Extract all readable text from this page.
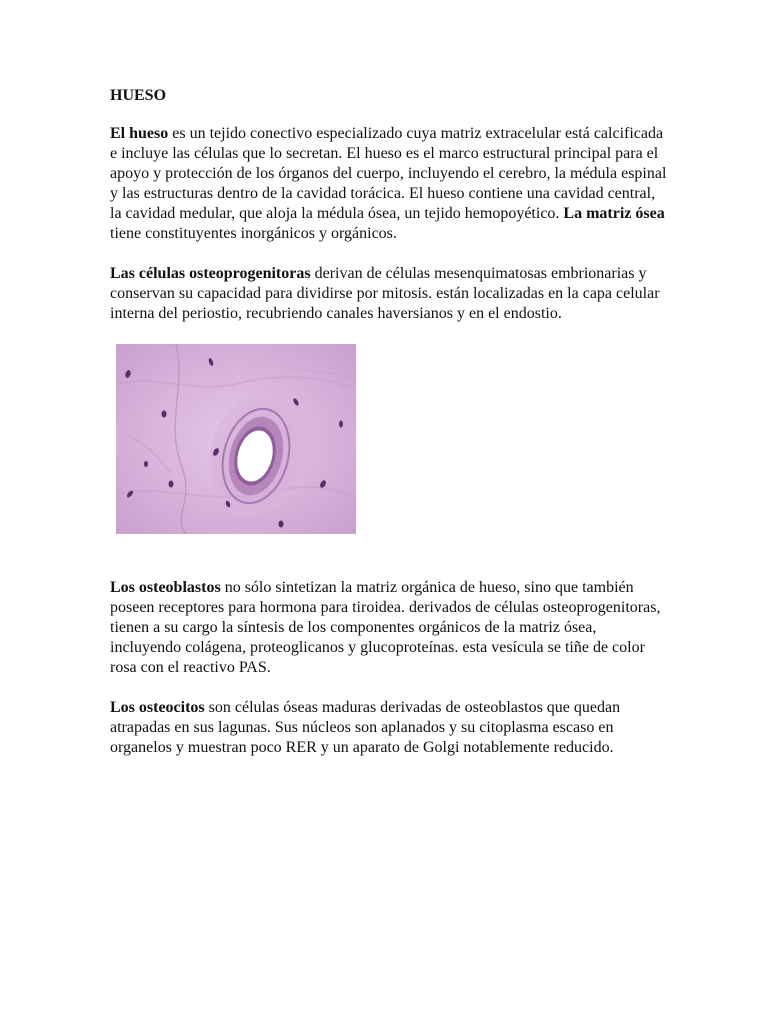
HUESO

El hueso es un tejido conectivo especializado cuya matriz extracelular está calcificada e incluye las células que lo secretan. El hueso es el marco estructural principal para el apoyo y protección de los órganos del cuerpo, incluyendo el cerebro, la médula espinal y las estructuras dentro de la cavidad torácica. El hueso contiene una cavidad central, la cavidad medular, que aloja la médula ósea, un tejido hemopoyético. La matriz ósea tiene constituyentes inorgánicos y orgánicos.

Las células osteoprogenitoras derivan de células mesenquimatosas embrionarias y conservan su capacidad para dividirse por mitosis. están localizadas en la capa celular interna del periostio, recubriendo canales haversianos y en el endostio.

Los osteoblastos no sólo sintetizan la matriz orgánica de hueso, sino que también poseen receptores para hormona para tiroidea. derivados de células osteoprogenitoras, tienen a su cargo la síntesis de los componentes orgánicos de la matriz ósea, incluyendo colágena, proteoglicanos y glucoproteínas. esta vesícula se tiñe de color rosa con el reactivo PAS.

Los osteocitos son células óseas maduras derivadas de osteoblastos que quedan atrapadas en sus lagunas. Sus núcleos son aplanados y su citoplasma escaso en organelos y muestran poco RER y un aparato de Golgi notablemente reducido.
